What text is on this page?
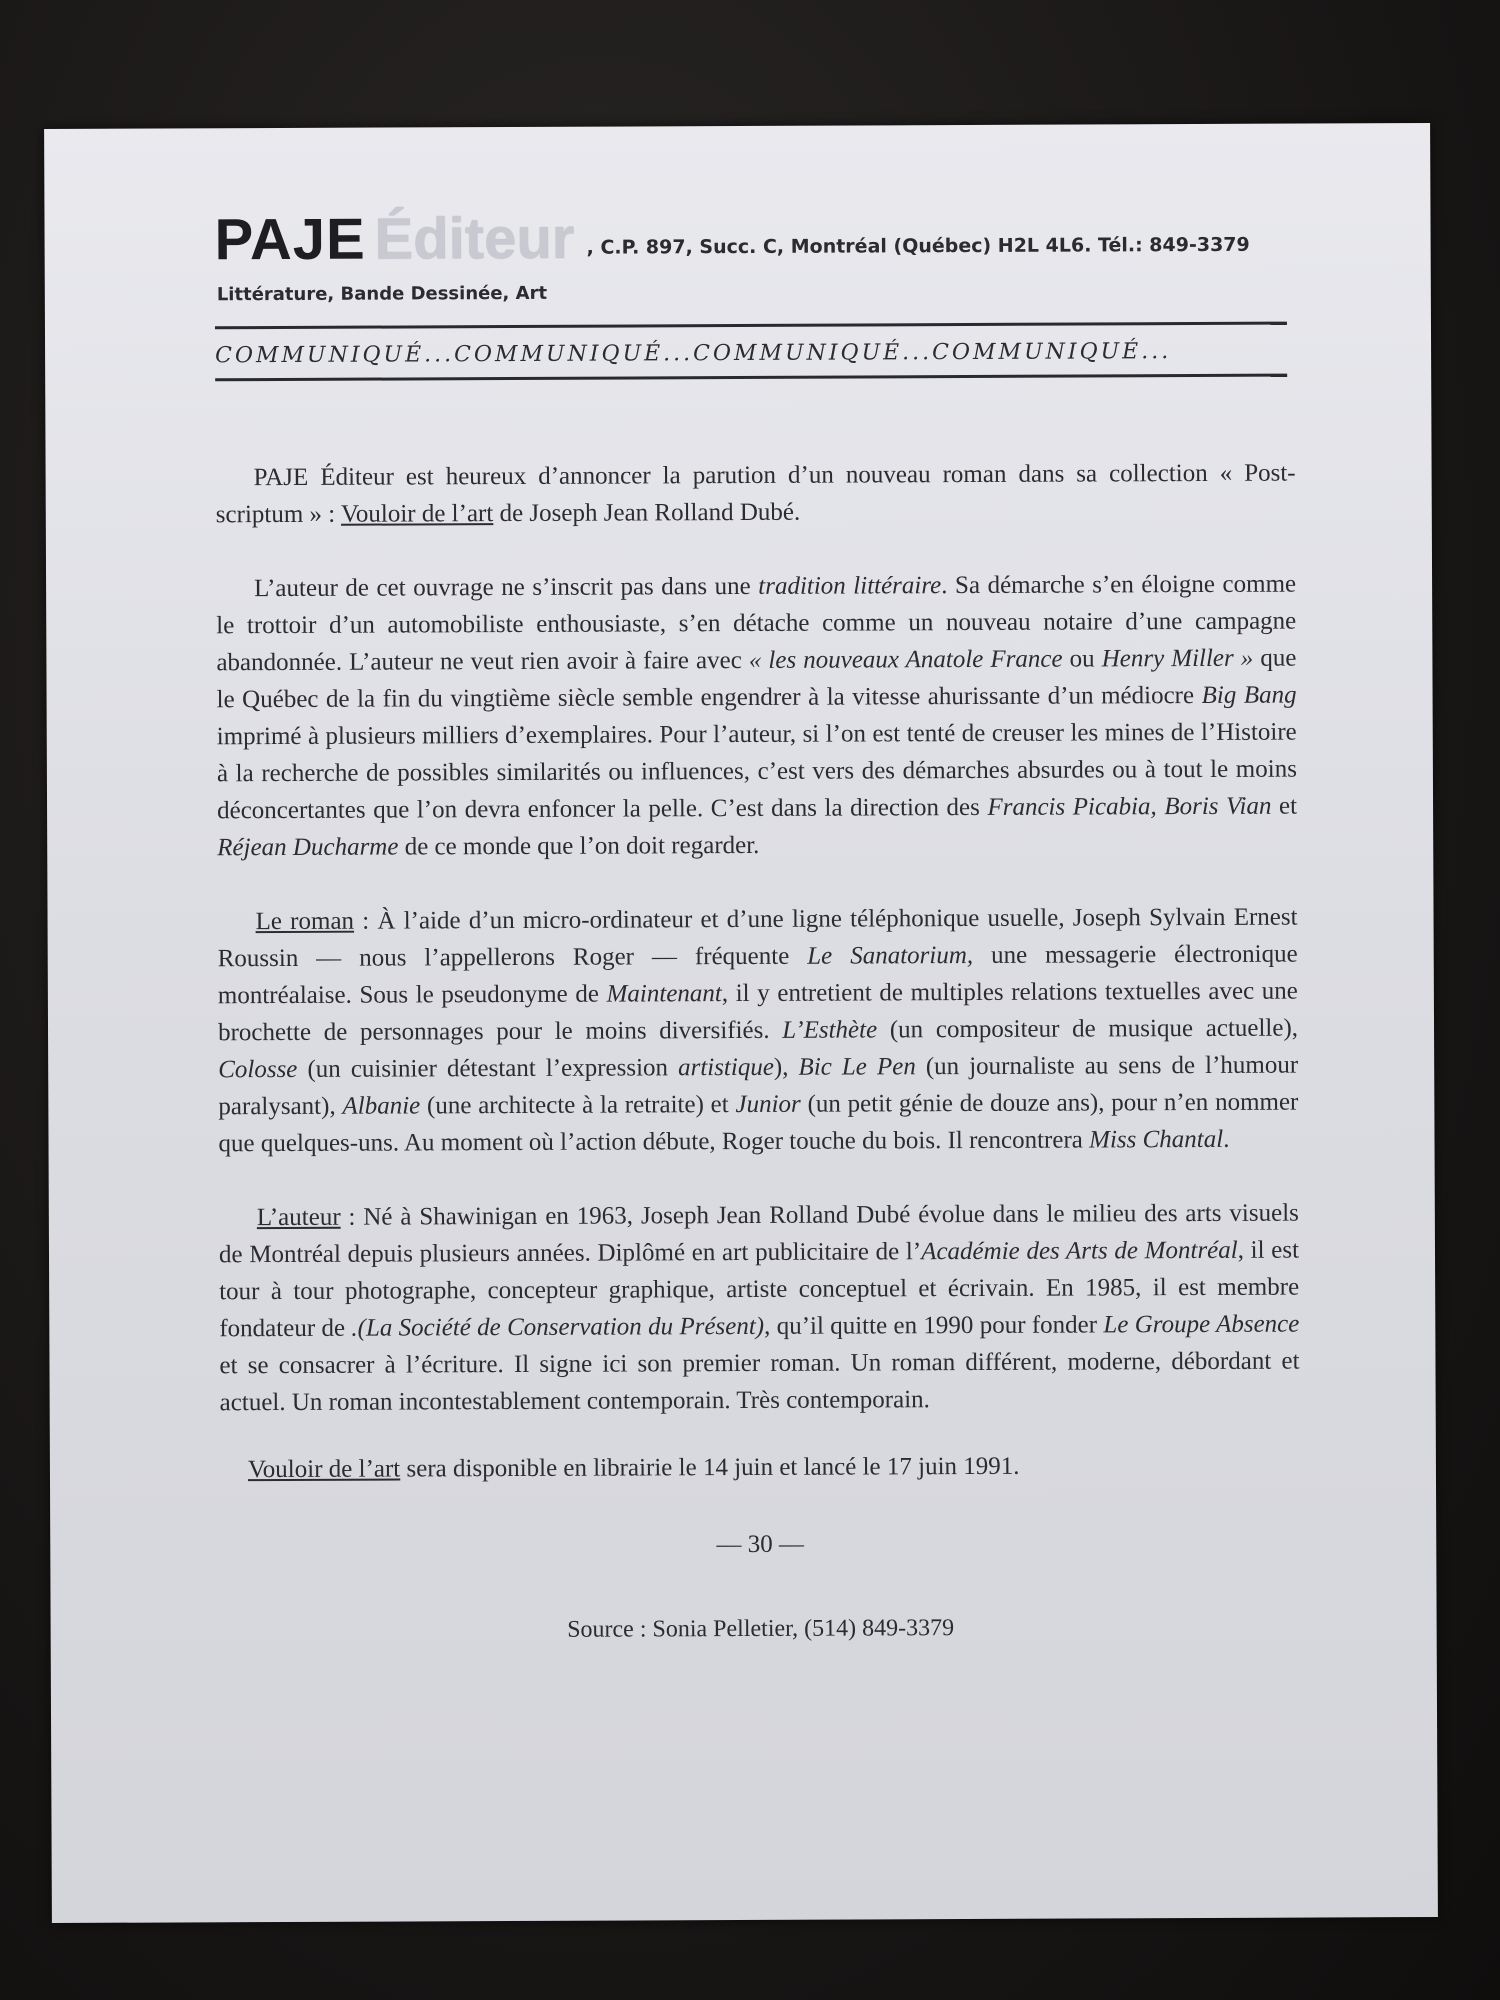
PAJE Éditeur , C.P. 897, Succ. C, Montréal (Québec) H2L 4L6. Tél.: 849-3379
Littérature, Bande Dessinée, Art
COMMUNIQUÉ...COMMUNIQUÉ...COMMUNIQUÉ...COMMUNIQUÉ...

PAJE Éditeur est heureux d’annoncer la parution d’un nouveau roman dans sa collection « Post-scriptum » : Vouloir de l’art de Joseph Jean Rolland Dubé.

L’auteur de cet ouvrage ne s’inscrit pas dans une tradition littéraire. Sa démarche s’en éloigne comme le trottoir d’un automobiliste enthousiaste, s’en détache comme un nouveau notaire d’une campagne abandonnée. L’auteur ne veut rien avoir à faire avec « les nouveaux Anatole France ou Henry Miller » que le Québec de la fin du vingtième siècle semble engendrer à la vitesse ahurissante d’un médiocre Big Bang imprimé à plusieurs milliers d’exemplaires. Pour l’auteur, si l’on est tenté de creuser les mines de l’Histoire à la recherche de possibles similarités ou influences, c’est vers des démarches absurdes ou à tout le moins déconcertantes que l’on devra enfoncer la pelle. C’est dans la direction des Francis Picabia, Boris Vian et Réjean Ducharme de ce monde que l’on doit regarder.

Le roman : À l’aide d’un micro-ordinateur et d’une ligne téléphonique usuelle, Joseph Sylvain Ernest Roussin — nous l’appellerons Roger — fréquente Le Sanatorium, une messagerie électronique montréalaise. Sous le pseudonyme de Maintenant, il y entretient de multiples relations textuelles avec une brochette de personnages pour le moins diversifiés. L’Esthète (un compositeur de musique actuelle), Colosse (un cuisinier détestant l’expression artistique), Bic Le Pen (un journaliste au sens de l’humour paralysant), Albanie (une architecte à la retraite) et Junior (un petit génie de douze ans), pour n’en nommer que quelques-uns. Au moment où l’action débute, Roger touche du bois. Il rencontrera Miss Chantal.

L’auteur : Né à Shawinigan en 1963, Joseph Jean Rolland Dubé évolue dans le milieu des arts visuels de Montréal depuis plusieurs années. Diplômé en art publicitaire de l’Académie des Arts de Montréal, il est tour à tour photographe, concepteur graphique, artiste conceptuel et écrivain. En 1985, il est membre fondateur de .(La Société de Conservation du Présent), qu’il quitte en 1990 pour fonder Le Groupe Absence et se consacrer à l’écriture. Il signe ici son premier roman. Un roman différent, moderne, débordant et actuel. Un roman incontestablement contemporain. Très contemporain.

Vouloir de l’art sera disponible en librairie le 14 juin et lancé le 17 juin 1991.

— 30 —
Source : Sonia Pelletier, (514) 849-3379
